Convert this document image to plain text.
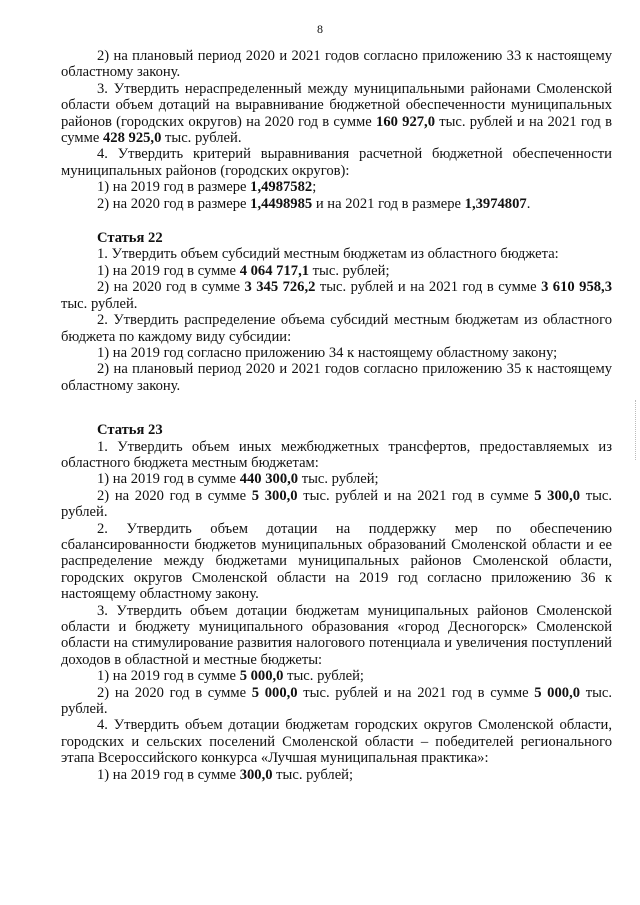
8

2) на плановый период 2020 и 2021 годов согласно приложению 33 к настоящему областному закону.

3. Утвердить нераспределенный между муниципальными районами Смоленской области объем дотаций на выравнивание бюджетной обеспеченности муниципальных районов (городских округов) на 2020 год в сумме 160 927,0 тыс. рублей и на 2021 год в сумме 428 925,0 тыс. рублей.

4. Утвердить критерий выравнивания расчетной бюджетной обеспеченности муниципальных районов (городских округов):

1) на 2019 год в размере 1,4987582;

2) на 2020 год в размере 1,4498985 и на 2021 год в размере 1,3974807.

Статья 22

1. Утвердить объем субсидий местным бюджетам из областного бюджета:

1) на 2019 год в сумме 4 064 717,1 тыс. рублей;

2) на 2020 год в сумме 3 345 726,2 тыс. рублей и на 2021 год в сумме 3 610 958,3 тыс. рублей.

2. Утвердить распределение объема субсидий местным бюджетам из областного бюджета по каждому виду субсидии:

1) на 2019 год согласно приложению 34 к настоящему областному закону;

2) на плановый период 2020 и 2021 годов согласно приложению 35 к настоящему областному закону.

Статья 23

1. Утвердить объем иных межбюджетных трансфертов, предоставляемых из областного бюджета местным бюджетам:

1) на 2019 год в сумме 440 300,0 тыс. рублей;

2) на 2020 год в сумме 5 300,0 тыс. рублей и на 2021 год в сумме 5 300,0 тыс. рублей.

2. Утвердить объем дотации на поддержку мер по обеспечению сбалансированности бюджетов муниципальных образований Смоленской области и ее распределение между бюджетами муниципальных районов Смоленской области, городских округов Смоленской области на 2019 год согласно приложению 36 к настоящему областному закону.

3. Утвердить объем дотации бюджетам муниципальных районов Смоленской области и бюджету муниципального образования «город Десногорск» Смоленской области на стимулирование развития налогового потенциала и увеличения поступлений доходов в областной и местные бюджеты:

1) на 2019 год в сумме 5 000,0 тыс. рублей;

2) на 2020 год в сумме 5 000,0 тыс. рублей и на 2021 год в сумме 5 000,0 тыс. рублей.

4. Утвердить объем дотации бюджетам городских округов Смоленской области, городских и сельских поселений Смоленской области – победителей регионального этапа Всероссийского конкурса «Лучшая муниципальная практика»:

1) на 2019 год в сумме 300,0 тыс. рублей;
